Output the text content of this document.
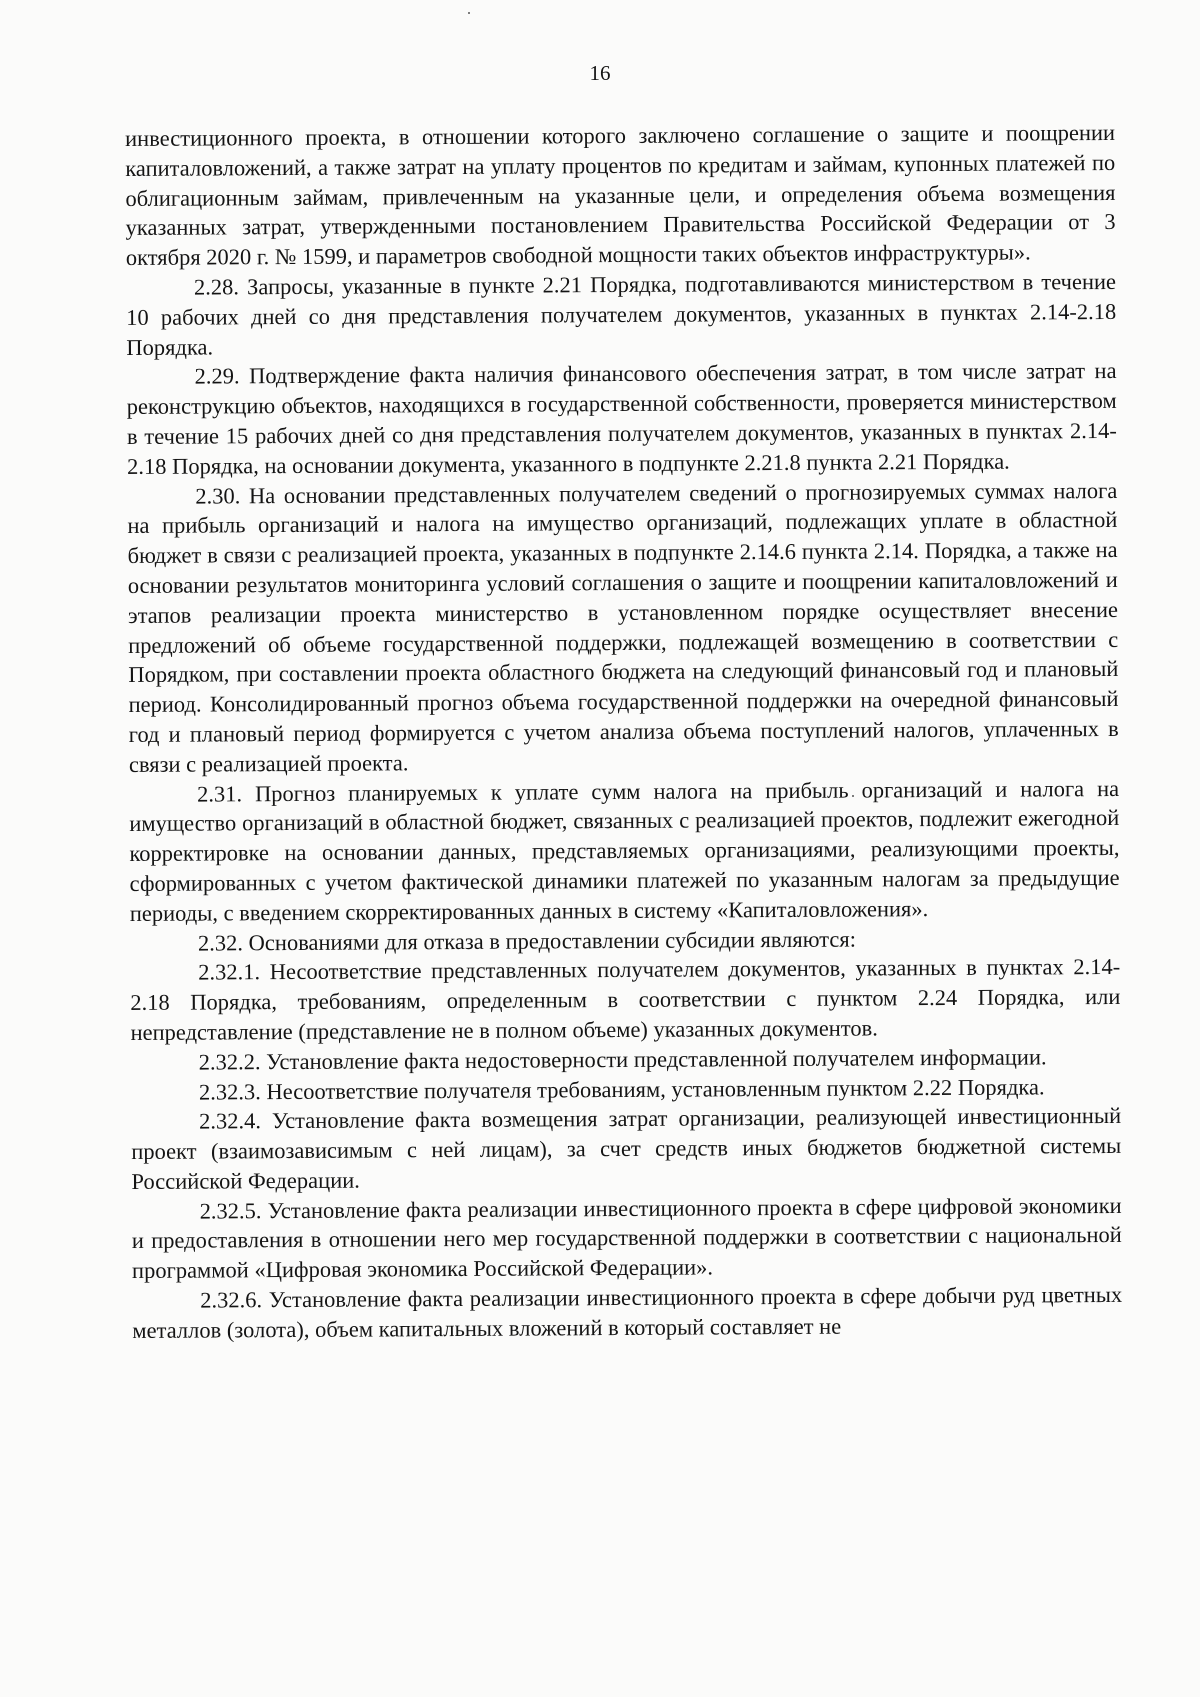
16

инвестиционного проекта, в отношении которого заключено соглашение о защите и поощрении капиталовложений, а также затрат на уплату процентов по кредитам и займам, купонных платежей по облигационным займам, привлеченным на указанные цели, и определения объема возмещения указанных затрат, утвержденными постановлением Правительства Российской Федерации от 3 октября 2020 г. № 1599, и параметров свободной мощности таких объектов инфраструктуры».

2.28. Запросы, указанные в пункте 2.21 Порядка, подготавливаются министерством в течение 10 рабочих дней со дня представления получателем документов, указанных в пунктах 2.14-2.18 Порядка.

2.29. Подтверждение факта наличия финансового обеспечения затрат, в том числе затрат на реконструкцию объектов, находящихся в государственной собственности, проверяется министерством в течение 15 рабочих дней со дня представления получателем документов, указанных в пунктах 2.14-2.18 Порядка, на основании документа, указанного в подпункте 2.21.8 пункта 2.21 Порядка.

2.30. На основании представленных получателем сведений о прогнозируемых суммах налога на прибыль организаций и налога на имущество организаций, подлежащих уплате в областной бюджет в связи с реализацией проекта, указанных в подпункте 2.14.6 пункта 2.14. Порядка, а также на основании результатов мониторинга условий соглашения о защите и поощрении капиталовложений и этапов реализации проекта министерство в установленном порядке осуществляет внесение предложений об объеме государственной поддержки, подлежащей возмещению в соответствии с Порядком, при составлении проекта областного бюджета на следующий финансовый год и плановый период. Консолидированный прогноз объема государственной поддержки на очередной финансовый год и плановый период формируется с учетом анализа объема поступлений налогов, уплаченных в связи с реализацией проекта.

2.31. Прогноз планируемых к уплате сумм налога на прибыль организаций и налога на имущество организаций в областной бюджет, связанных с реализацией проектов, подлежит ежегодной корректировке на основании данных, представляемых организациями, реализующими проекты, сформированных с учетом фактической динамики платежей по указанным налогам за предыдущие периоды, с введением скорректированных данных в систему «Капиталовложения».

2.32. Основаниями для отказа в предоставлении субсидии являются:

2.32.1. Несоответствие представленных получателем документов, указанных в пунктах 2.14-2.18 Порядка, требованиям, определенным в соответствии с пунктом 2.24 Порядка, или непредставление (представление не в полном объеме) указанных документов.

2.32.2. Установление факта недостоверности представленной получателем информации.

2.32.3. Несоответствие получателя требованиям, установленным пунктом 2.22 Порядка.

2.32.4. Установление факта возмещения затрат организации, реализующей инвестиционный проект (взаимозависимым с ней лицам), за счет средств иных бюджетов бюджетной системы Российской Федерации.

2.32.5. Установление факта реализации инвестиционного проекта в сфере цифровой экономики и предоставления в отношении него мер государственной поддержки в соответствии с национальной программой «Цифровая экономика Российской Федерации».

2.32.6. Установление факта реализации инвестиционного проекта в сфере добычи руд цветных металлов (золота), объем капитальных вложений в который составляет не
